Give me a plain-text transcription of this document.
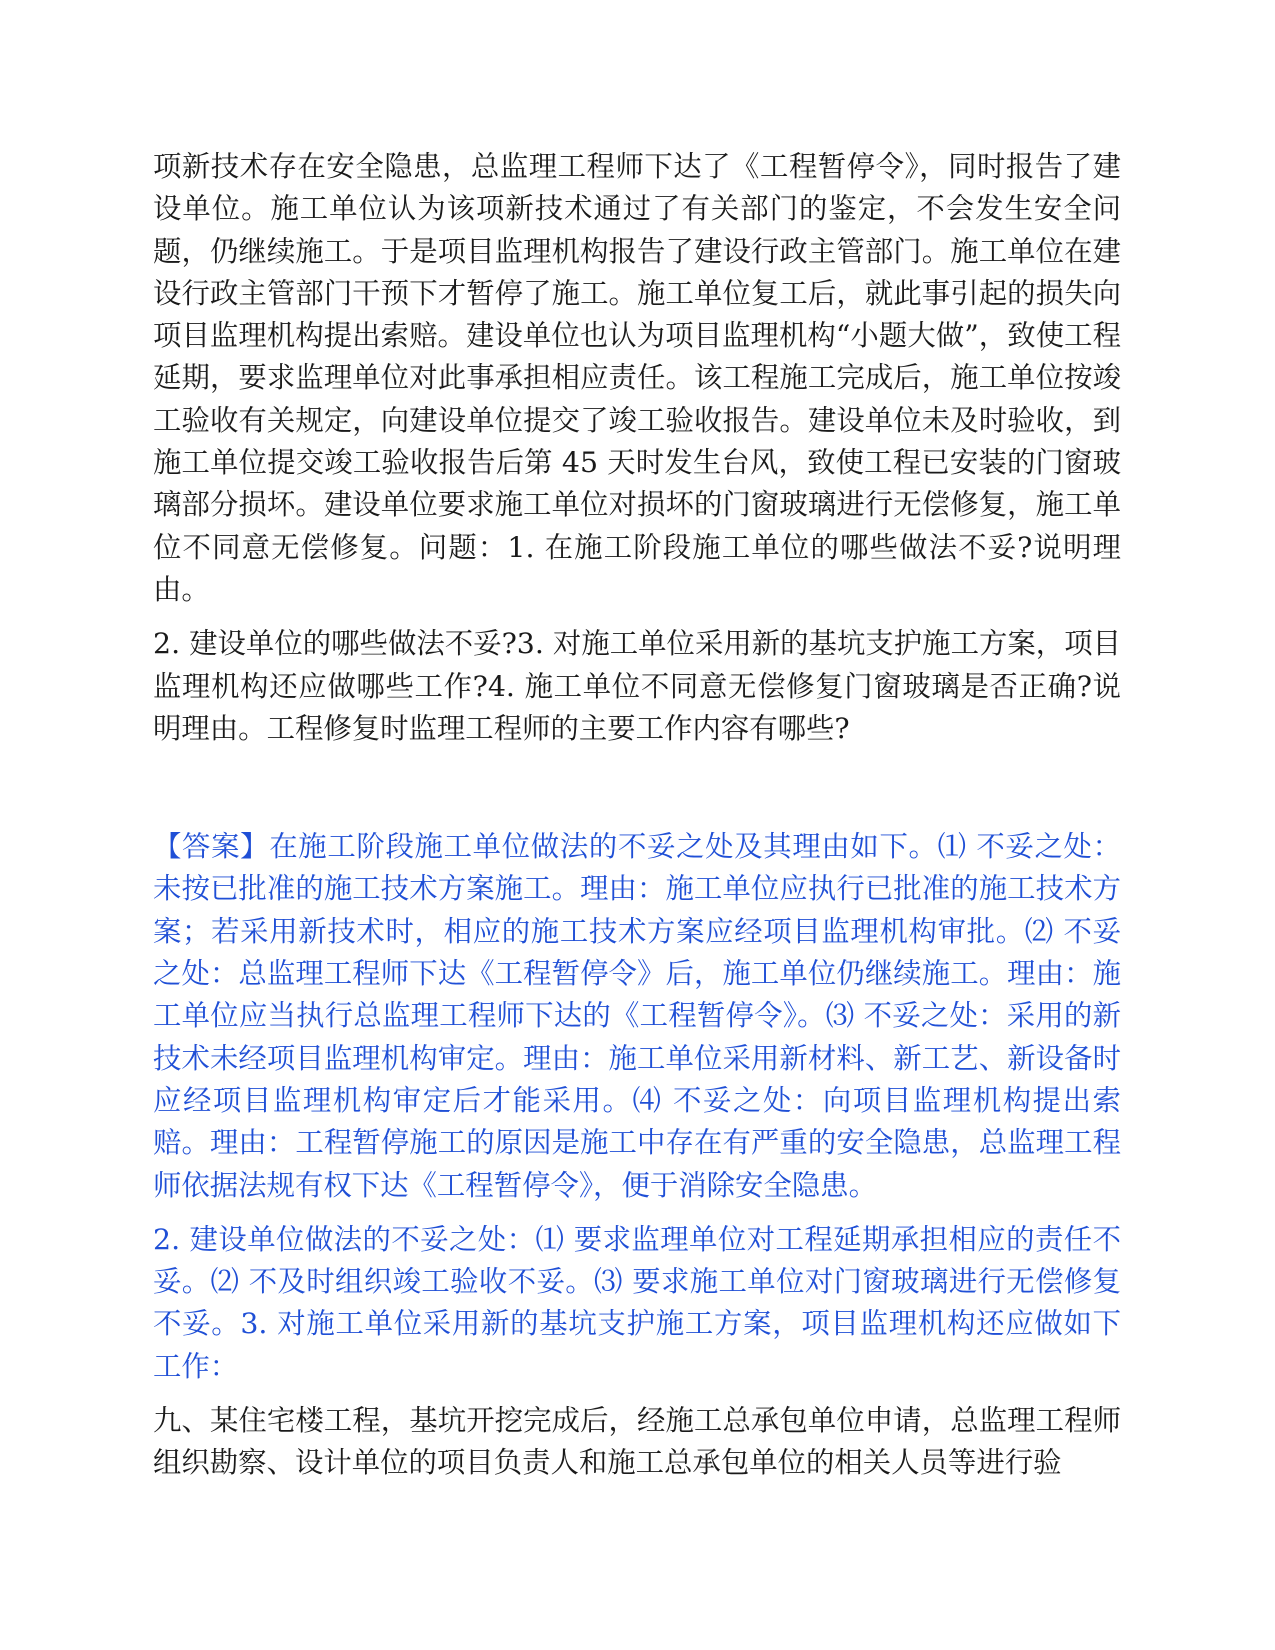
项新技术存在安全隐患，总监理工程师下达了《工程暂停令》，同时报告了建设单位。施工单位认为该项新技术通过了有关部门的鉴定，不会发生安全问题，仍继续施工。于是项目监理机构报告了建设行政主管部门。施工单位在建设行政主管部门干预下才暂停了施工。施工单位复工后，就此事引起的损失向项目监理机构提出索赔。建设单位也认为项目监理机构“小题大做”，致使工程延期，要求监理单位对此事承担相应责任。该工程施工完成后，施工单位按竣工验收有关规定，向建设单位提交了竣工验收报告。建设单位未及时验收，到施工单位提交竣工验收报告后第 45 天时发生台风，致使工程已安装的门窗玻璃部分损坏。建设单位要求施工单位对损坏的门窗玻璃进行无偿修复，施工单位不同意无偿修复。问题：1. 在施工阶段施工单位的哪些做法不妥?说明理由。

2. 建设单位的哪些做法不妥?3. 对施工单位采用新的基坑支护施工方案，项目监理机构还应做哪些工作?4. 施工单位不同意无偿修复门窗玻璃是否正确?说明理由。工程修复时监理工程师的主要工作内容有哪些?

【答案】在施工阶段施工单位做法的不妥之处及其理由如下。⑴ 不妥之处：未按已批准的施工技术方案施工。理由：施工单位应执行已批准的施工技术方案；若采用新技术时，相应的施工技术方案应经项目监理机构审批。⑵ 不妥之处：总监理工程师下达《工程暂停令》后，施工单位仍继续施工。理由：施工单位应当执行总监理工程师下达的《工程暂停令》。⑶ 不妥之处：采用的新技术未经项目监理机构审定。理由：施工单位采用新材料、新工艺、新设备时应经项目监理机构审定后才能采用。⑷ 不妥之处：向项目监理机构提出索赔。理由：工程暂停施工的原因是施工中存在有严重的安全隐患，总监理工程师依据法规有权下达《工程暂停令》，便于消除安全隐患。

2. 建设单位做法的不妥之处：⑴ 要求监理单位对工程延期承担相应的责任不妥。⑵ 不及时组织竣工验收不妥。⑶ 要求施工单位对门窗玻璃进行无偿修复不妥。3. 对施工单位采用新的基坑支护施工方案，项目监理机构还应做如下工作：

九、某住宅楼工程，基坑开挖完成后，经施工总承包单位申请，总监理工程师组织勘察、设计单位的项目负责人和施工总承包单位的相关人员等进行验
